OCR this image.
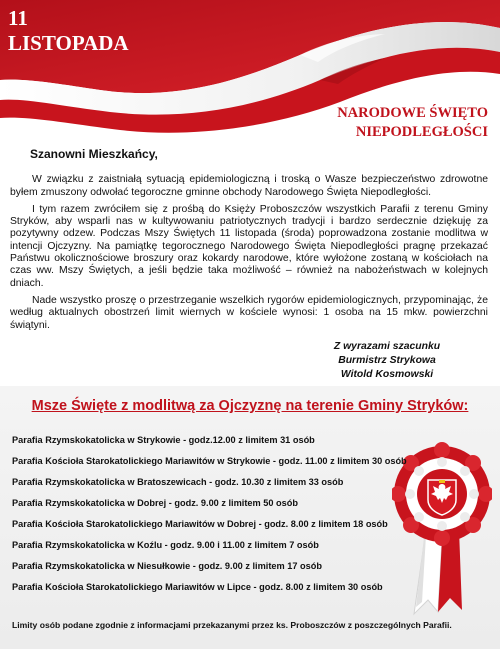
11
LISTOPADA
NARODOWE ŚWIĘTO
NIEPODLEGŁOŚCI
Szanowni Mieszkańcy,

W związku z zaistniałą sytuacją epidemiologiczną i troską o Wasze bezpieczeństwo zdrowotne byłem zmuszony odwołać tegoroczne gminne obchody Narodowego Święta Niepodległości.

I tym razem zwróciłem się z prośbą do Księży Proboszczów wszystkich Parafii z terenu Gminy Stryków, aby wsparli nas w kultywowaniu patriotycznych tradycji i bardzo serdecznie dziękuję za pozytywny odzew. Podczas Mszy Świętych 11 listopada (środa) poprowadzona zostanie modlitwa w intencji Ojczyzny. Na pamiątkę tegorocznego Narodowego Święta Niepodległości pragnę przekazać Państwu okolicznościowe broszury oraz kokardy narodowe, które wyłożone zostaną w kościołach na czas ww. Mszy Świętych, a jeśli będzie taka możliwość – również na nabożeństwach w kolejnych dniach.

Nade wszystko proszę o przestrzeganie wszelkich rygorów epidemiologicznych, przypominając, że według aktualnych obostrzeń limit wiernych w kościele wynosi: 1 osoba na 15 mkw. powierzchni świątyni.

Z wyrazami szacunku
Burmistrz Strykowa
Witold Kosmowski
Msze Święte z modlitwą za Ojczyznę na terenie Gminy Stryków:
Parafia Rzymskokatolicka w Strykowie - godz.12.00 z limitem 31 osób
Parafia Kościoła Starokatolickiego Mariawitów w Strykowie - godz. 11.00 z limitem 30 osób
Parafia Rzymskokatolicka w Bratoszewicach - godz. 10.30 z limitem 33 osób
Parafia Rzymskokatolicka w Dobrej - godz. 9.00 z limitem 50 osób
Parafia Kościoła Starokatolickiego Mariawitów w Dobrej - godz. 8.00 z limitem 18 osób
Parafia Rzymskokatolicka w Koźlu - godz. 9.00 i 11.00 z limitem 7 osób
Parafia Rzymskokatolicka w Niesułkowie - godz. 9.00 z limitem 17 osób
Parafia Kościoła Starokatolickiego Mariawitów w Lipce - godz. 8.00 z limitem 30 osób
Limity osób podane zgodnie z informacjami przekazanymi przez ks. Proboszczów z poszczególnych Parafii.
